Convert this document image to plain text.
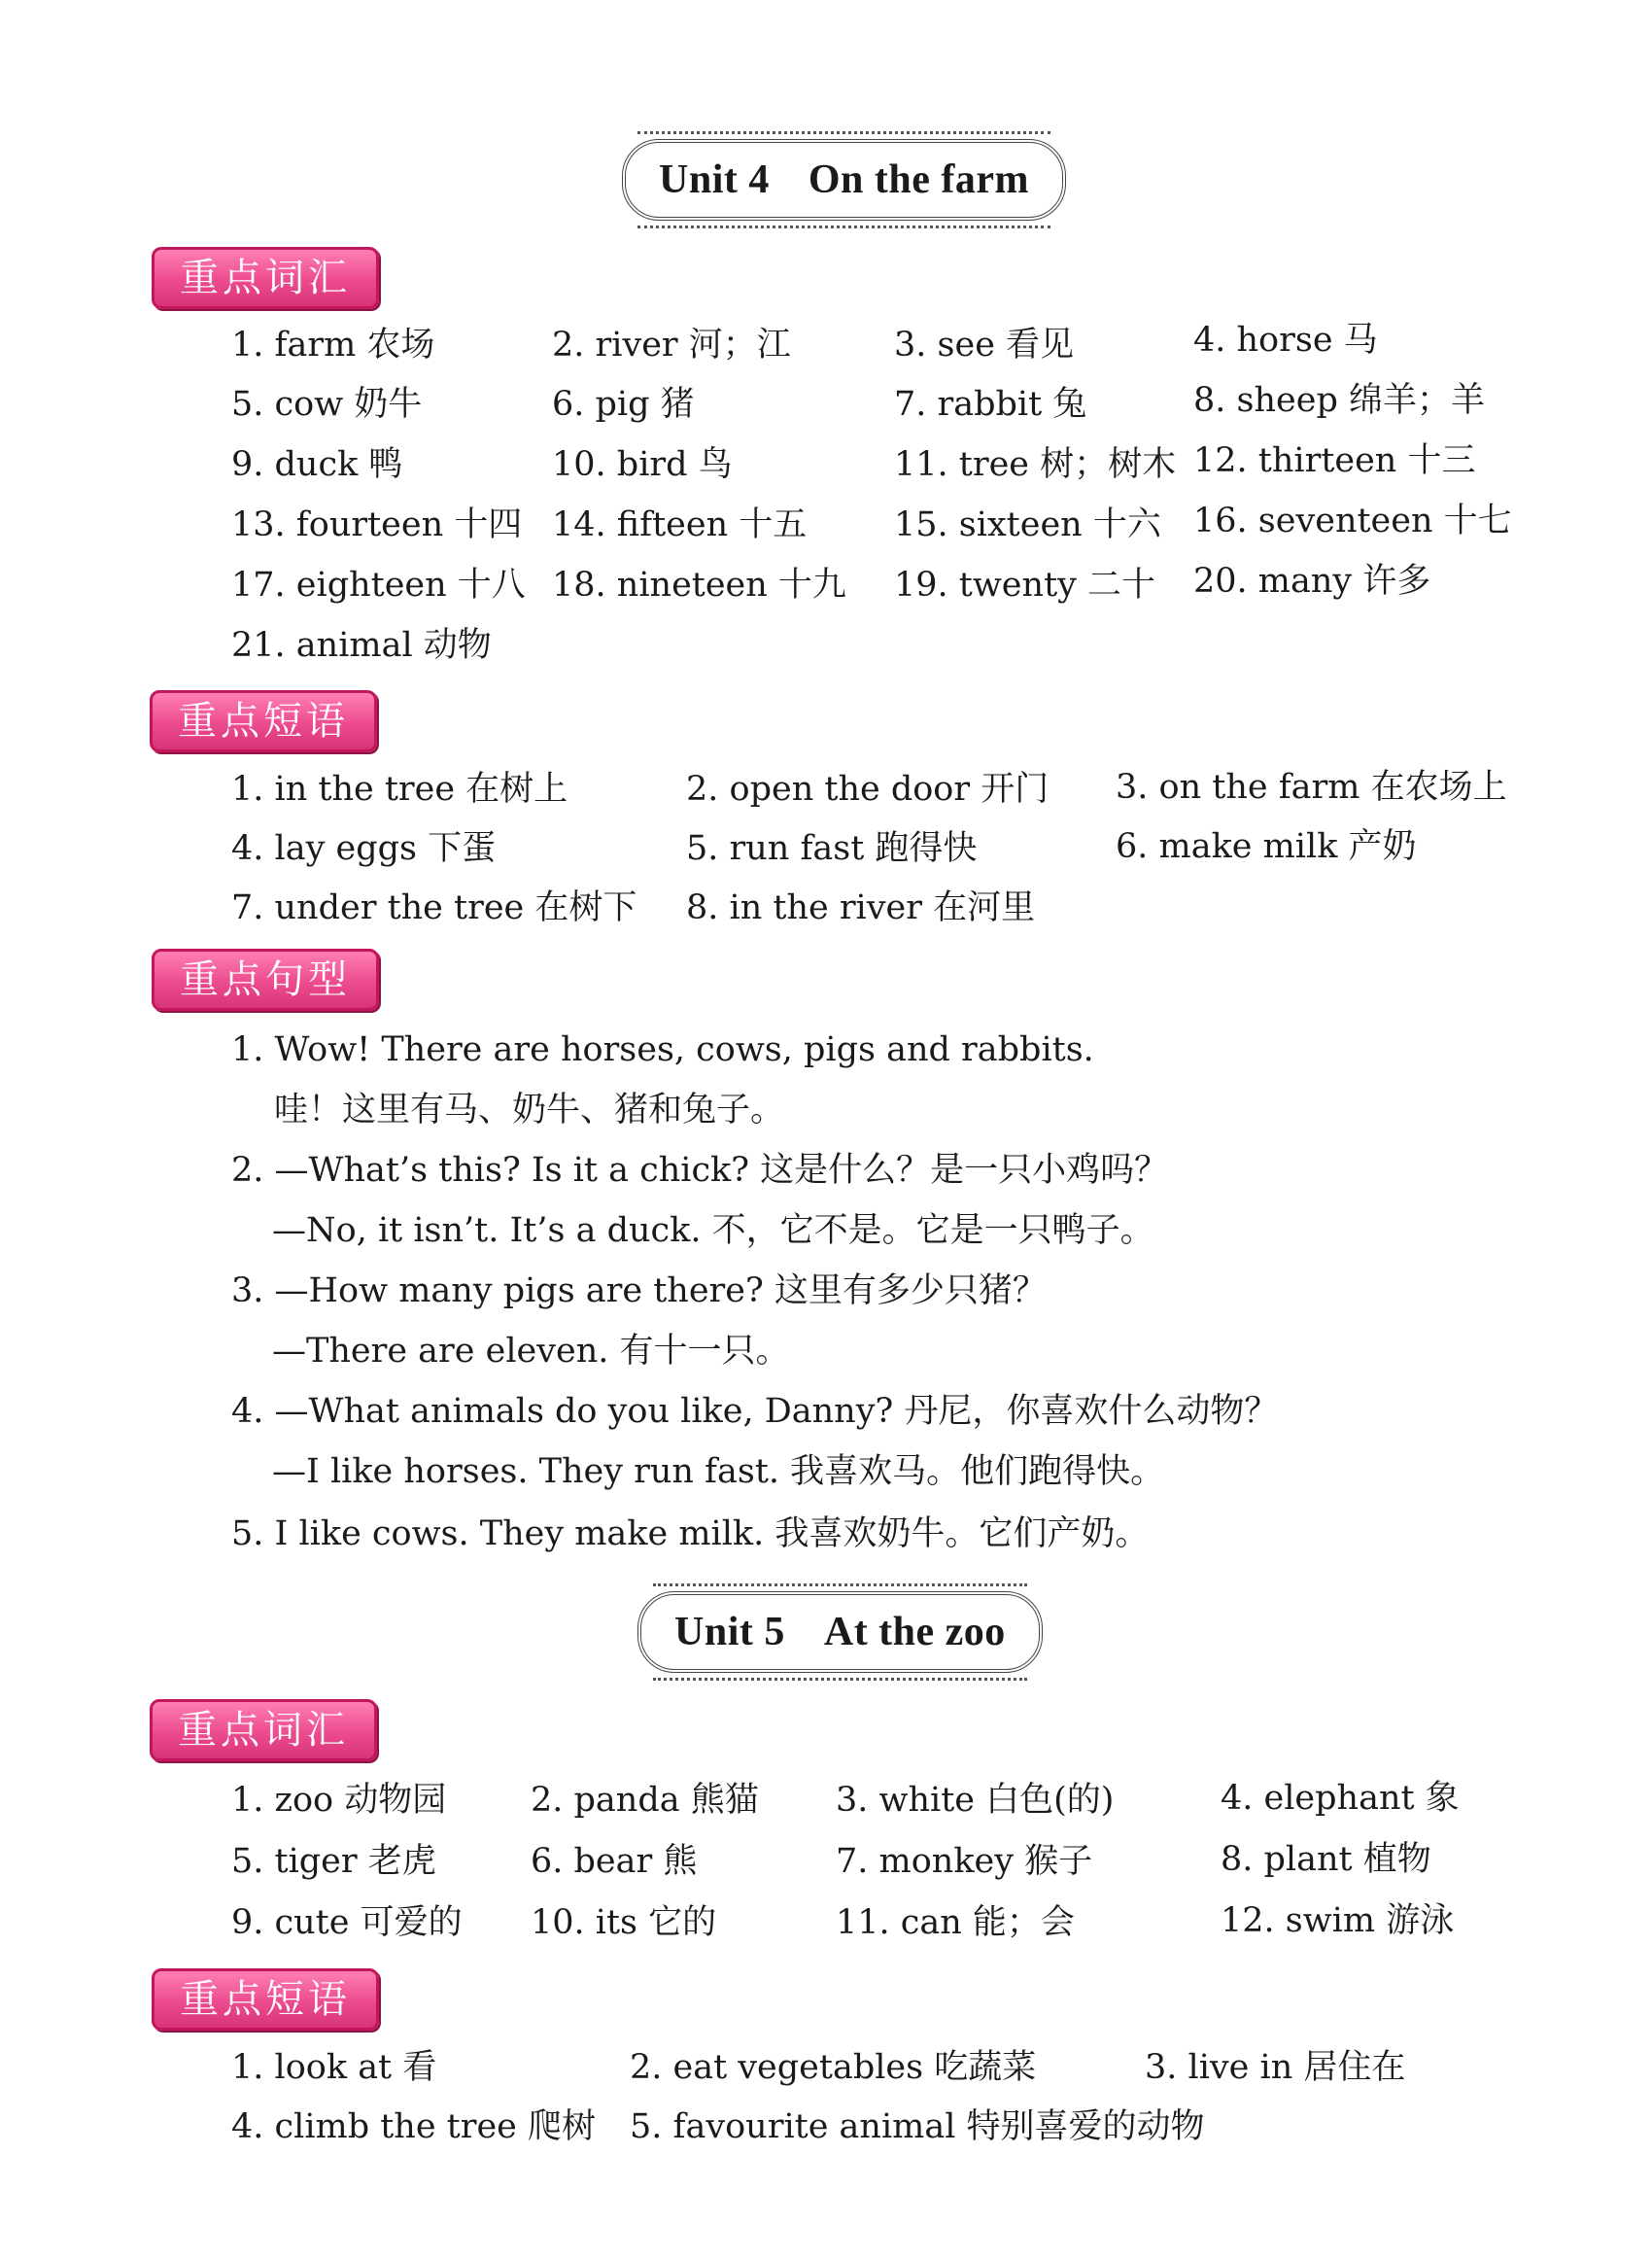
Unit 4 On the farm
重点词汇
1. farm 农场	2. river 河；江	3. see 看见	4. horse 马
5. cow 奶牛	6. pig 猪	7. rabbit 兔	8. sheep 绵羊；羊
9. duck 鸭	10. bird 鸟	11. tree 树；树木 12. thirteen 十三
13. fourteen 十四 14. fifteen 十五	15. sixteen 十六 16. seventeen 十七
17. eighteen 十八 18. nineteen 十九 19. twenty 二十 20. many 许多
21. animal 动物
重点短语
1. in the tree 在树上	2. open the door 开门 3. on the farm 在农场上
4. lay eggs 下蛋	5. run fast 跑得快	6. make milk 产奶
7. under the tree 在树下 8. in the river 在河里
重点句型
1. Wow! There are horses, cows, pigs and rabbits.
哇！这里有马、奶牛、猪和兔子。
2. —What’s this? Is it a chick? 这是什么？是一只小鸡吗？
—No, it isn’t. It’s a duck. 不，它不是。它是一只鸭子。
3. —How many pigs are there? 这里有多少只猪？
—There are eleven. 有十一只。
4. —What animals do you like, Danny? 丹尼，你喜欢什么动物？
—I like horses. They run fast. 我喜欢马。他们跑得快。
5. I like cows. They make milk. 我喜欢奶牛。它们产奶。
Unit 5 At the zoo
重点词汇
1. zoo 动物园 2. panda 熊猫 3. white 白色(的)	4. elephant 象
5. tiger 老虎	6. bear 熊	7. monkey 猴子	8. plant 植物
9. cute 可爱的 10. its 它的	11. can 能；会	12. swim 游泳
重点短语
1. look at 看	2. eat vegetables 吃蔬菜	3. live in 居住在
4. climb the tree 爬树 5. favourite animal 特别喜爱的动物
